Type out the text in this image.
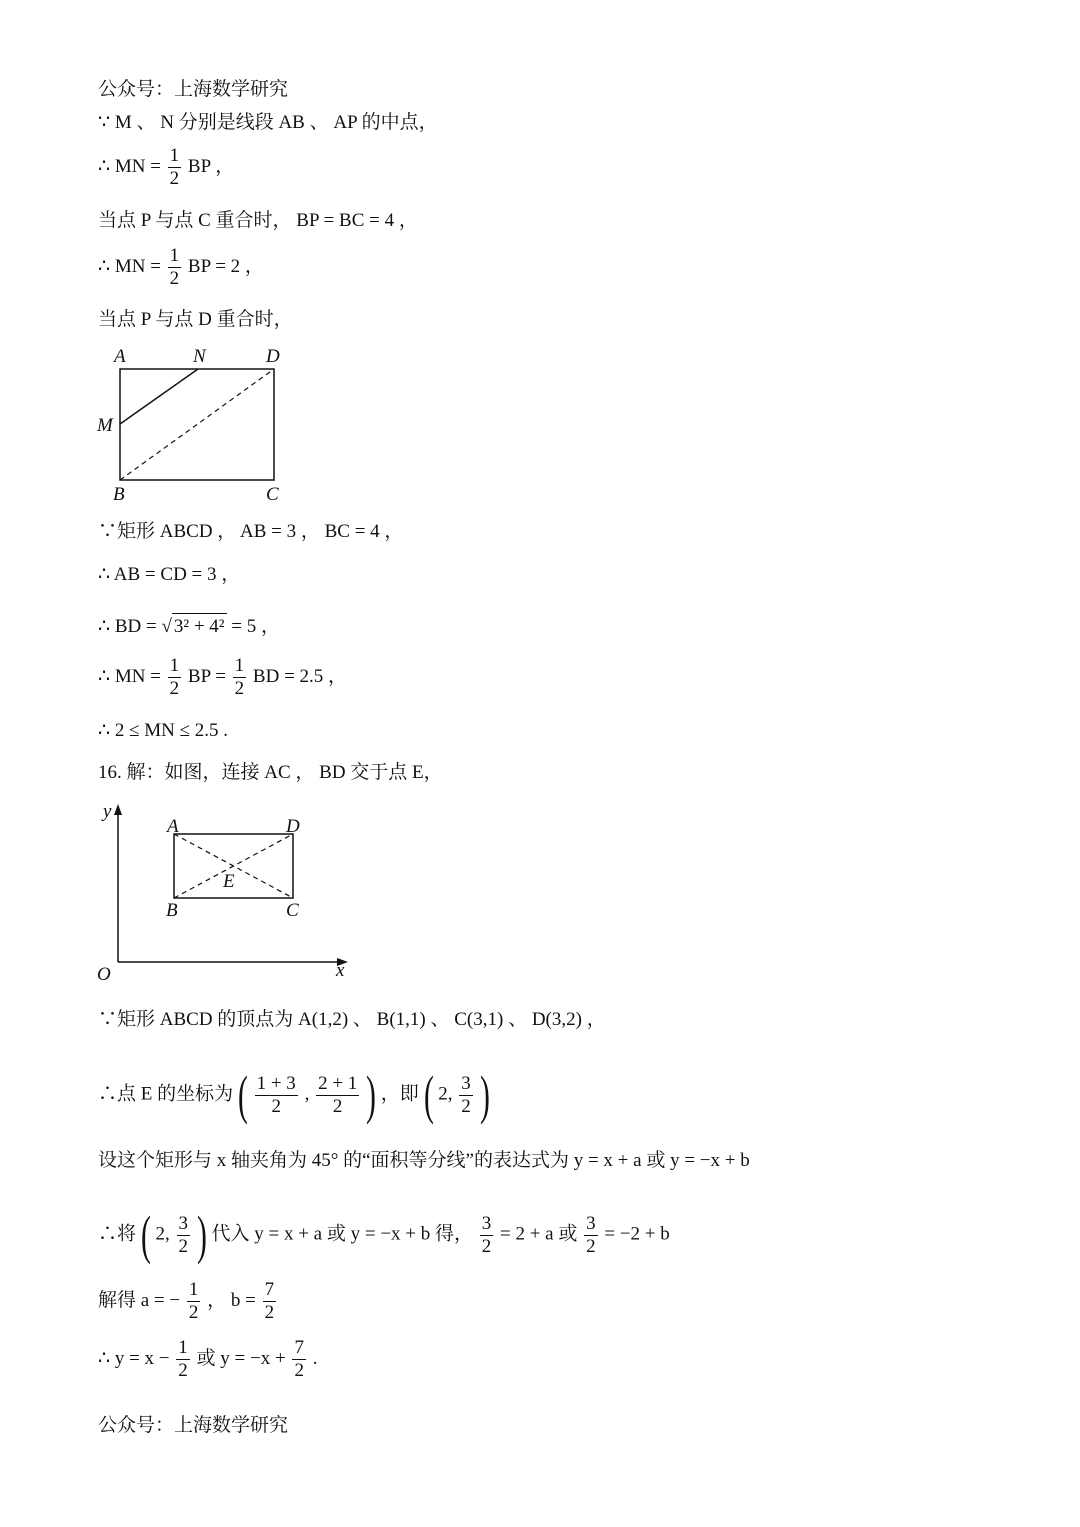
公众号：上海数学研究
∵ M 、 N 分别是线段 AB 、 AP 的中点，
∴ MN = $\frac{1}{2}$ BP ，
当点 P 与点 C 重合时， BP = BC = 4 ，
∴ MN = $\frac{1}{2}$ BP = 2 ，
当点 P 与点 D 重合时，
A	N	D
M
B	C
∵矩形 ABCD ， AB = 3 ， BC = 4 ，
∴ AB = CD = 3 ，
∴ BD = √ 3² + 4² = 5 ，
∴ MN = $\frac{1}{2}$ BP = $\frac{1}{2}$ BD = 2.5 ，
∴ 2 ≤ MN ≤ 2.5 .
16. 解：如图，连接 AC ， BD 交于点 E，
y
A	D
E
B	C
O	x
∵矩形 ABCD 的顶点为 A(1,2) 、 B(1,1) 、 C(3,1) 、 D(3,2) ，
∴点 E 的坐标为 ( $\frac{1 + 3}{2}$ , $\frac{2 + 1}{2}$ ) ，即 ( 2, $\frac{3}{2}$ )
设这个矩形与 x 轴夹角为 45° 的“面积等分线”的表达式为 y = x + a 或 y = −x + b
∴将 ( 2, $\frac{3}{2}$ ) 代入 y = x + a 或 y = −x + b 得， $\frac{3}{2} = 2 + a$ 或 $\frac{3}{2} = -2 + b$
解得 a = − $\frac{1}{2}$ ， $b = \frac{7}{2}$
∴ $y = x - \frac{1}{2}$ 或 $y = -x + \frac{7}{2}$ .
公众号：上海数学研究
